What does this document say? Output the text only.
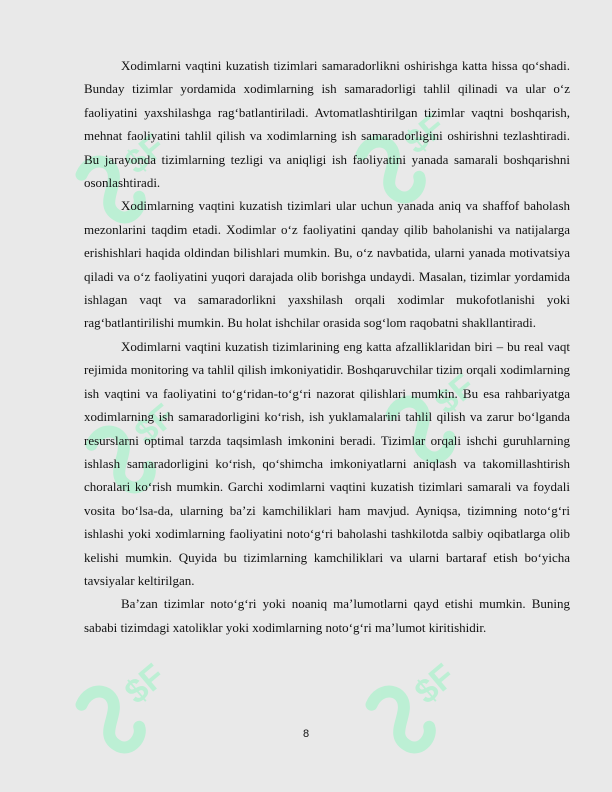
$F	$F
$F
$F
$F	$F

Xodimlarni vaqtini kuzatish tizimlari samaradorlikni oshirishga katta hissa qo‘shadi. Bunday tizimlar yordamida xodimlarning ish samaradorligi tahlil qilinadi va ular o‘z faoliyatini yaxshilashga rag‘batlantiriladi. Avtomatlashtirilgan tizimlar vaqtni boshqarish, mehnat faoliyatini tahlil qilish va xodimlarning ish samaradorligini oshirishni tezlashtiradi. Bu jarayonda tizimlarning tezligi va aniqligi ish faoliyatini yanada samarali boshqarishni osonlashtiradi.

Xodimlarning vaqtini kuzatish tizimlari ular uchun yanada aniq va shaffof baholash mezonlarini taqdim etadi. Xodimlar o‘z faoliyatini qanday qilib baholanishi va natijalarga erishishlari haqida oldindan bilishlari mumkin. Bu, o‘z navbatida, ularni yanada motivatsiya qiladi va o‘z faoliyatini yuqori darajada olib borishga undaydi. Masalan, tizimlar yordamida ishlagan vaqt va samaradorlikni yaxshilash orqali xodimlar mukofotlanishi yoki rag‘batlantirilishi mumkin. Bu holat ishchilar orasida sog‘lom raqobatni shakllantiradi.

Xodimlarni vaqtini kuzatish tizimlarining eng katta afzalliklaridan biri – bu real vaqt rejimida monitoring va tahlil qilish imkoniyatidir. Boshqaruvchilar tizim orqali xodimlarning ish vaqtini va faoliyatini to‘g‘ridan-to‘g‘ri nazorat qilishlari mumkin. Bu esa rahbariyatga xodimlarning ish samaradorligini ko‘rish, ish yuklamalarini tahlil qilish va zarur bo‘lganda resurslarni optimal tarzda taqsimlash imkonini beradi. Tizimlar orqali ishchi guruhlarning ishlash samaradorligini ko‘rish, qo‘shimcha imkoniyatlarni aniqlash va takomillashtirish choralari ko‘rish mumkin. Garchi xodimlarni vaqtini kuzatish tizimlari samarali va foydali vosita bo‘lsa-da, ularning ba’zi kamchiliklari ham mavjud. Ayniqsa, tizimning noto‘g‘ri ishlashi yoki xodimlarning faoliyatini noto‘g‘ri baholashi tashkilotda salbiy oqibatlarga olib kelishi mumkin. Quyida bu tizimlarning kamchiliklari va ularni bartaraf etish bo‘yicha tavsiyalar keltirilgan.

Ba’zan tizimlar noto‘g‘ri yoki noaniq ma’lumotlarni qayd etishi mumkin. Buning sababi tizimdagi xatoliklar yoki xodimlarning noto‘g‘ri ma’lumot kiritishidir.

8
